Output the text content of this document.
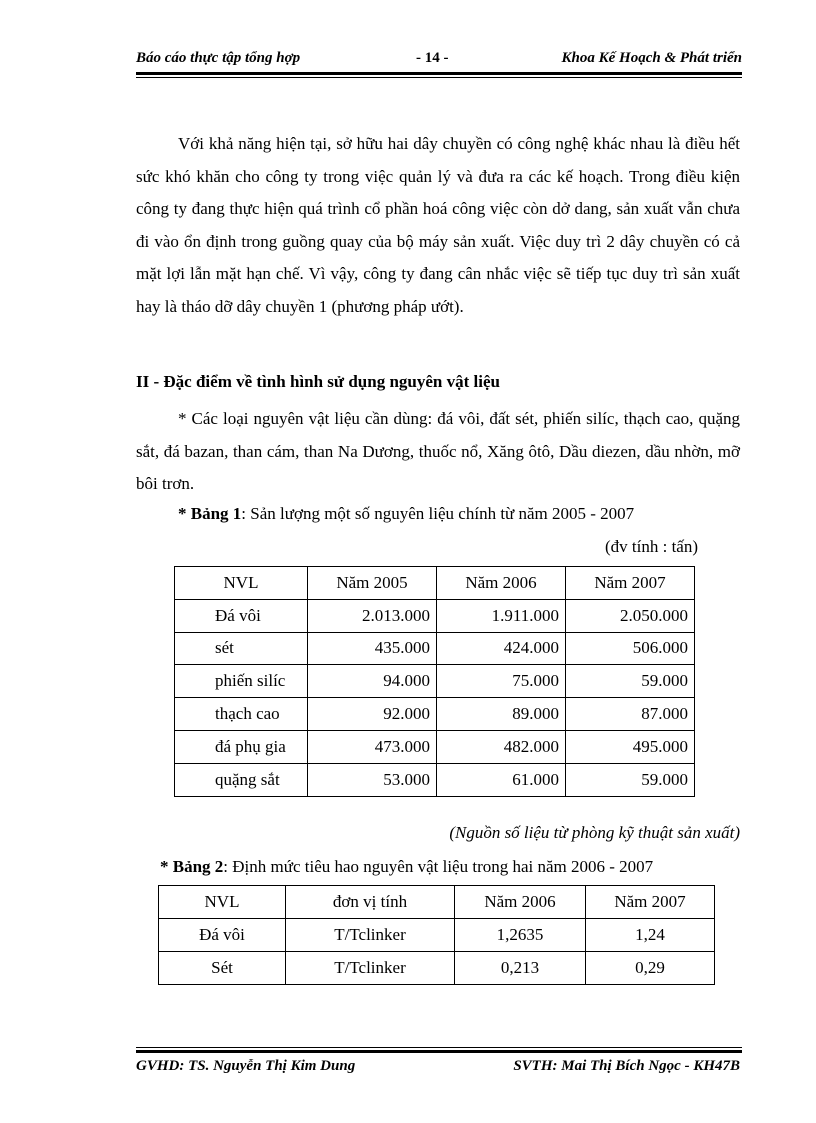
Báo cáo thực tập tổng hợp	- 14 -	Khoa Kế Hoạch & Phát triển

Với khả năng hiện tại, sở hữu hai dây chuyền có công nghệ khác nhau là điều hết sức khó khăn cho công ty trong việc quản lý và đưa ra các kế hoạch. Trong điều kiện công ty đang thực hiện quá trình cổ phần hoá công việc còn dở dang, sản xuất vẫn chưa đi vào ổn định trong guồng quay của bộ máy sản xuất. Việc duy trì 2 dây chuyền có cả mặt lợi lẫn mặt hạn chế. Vì vậy, công ty đang cân nhắc việc sẽ tiếp tục duy trì sản xuất hay là tháo dỡ dây chuyền 1 (phương pháp ướt).

II - Đặc điểm về tình hình sử dụng nguyên vật liệu

* Các loại nguyên vật liệu cần dùng: đá vôi, đất sét, phiến silíc, thạch cao, quặng sắt, đá bazan, than cám, than Na Dương, thuốc nổ, Xăng ôtô, Dầu diezen, dầu nhờn, mỡ bôi trơn.

* Bảng 1: Sản lượng một số nguyên liệu chính từ năm 2005 - 2007

(đv tính : tấn)
NVL	Năm 2005	Năm 2006	Năm 2007
Đá vôi	2.013.000	1.911.000	2.050.000
sét	435.000	424.000	506.000
phiến silíc	94.000	75.000	59.000
thạch cao	92.000	89.000	87.000
đá phụ gia	473.000	482.000	495.000
quặng sắt	53.000	61.000	59.000
(Nguồn số liệu từ phòng kỹ thuật sản xuất)

* Bảng 2: Định mức tiêu hao nguyên vật liệu trong hai năm 2006 - 2007

NVL	đơn vị tính	Năm 2006	Năm 2007
Đá vôi	T/Tclinker	1,2635	1,24
Sét	T/Tclinker	0,213	0,29
GVHD: TS. Nguyễn Thị Kim Dung	SVTH: Mai Thị Bích Ngọc - KH47B
